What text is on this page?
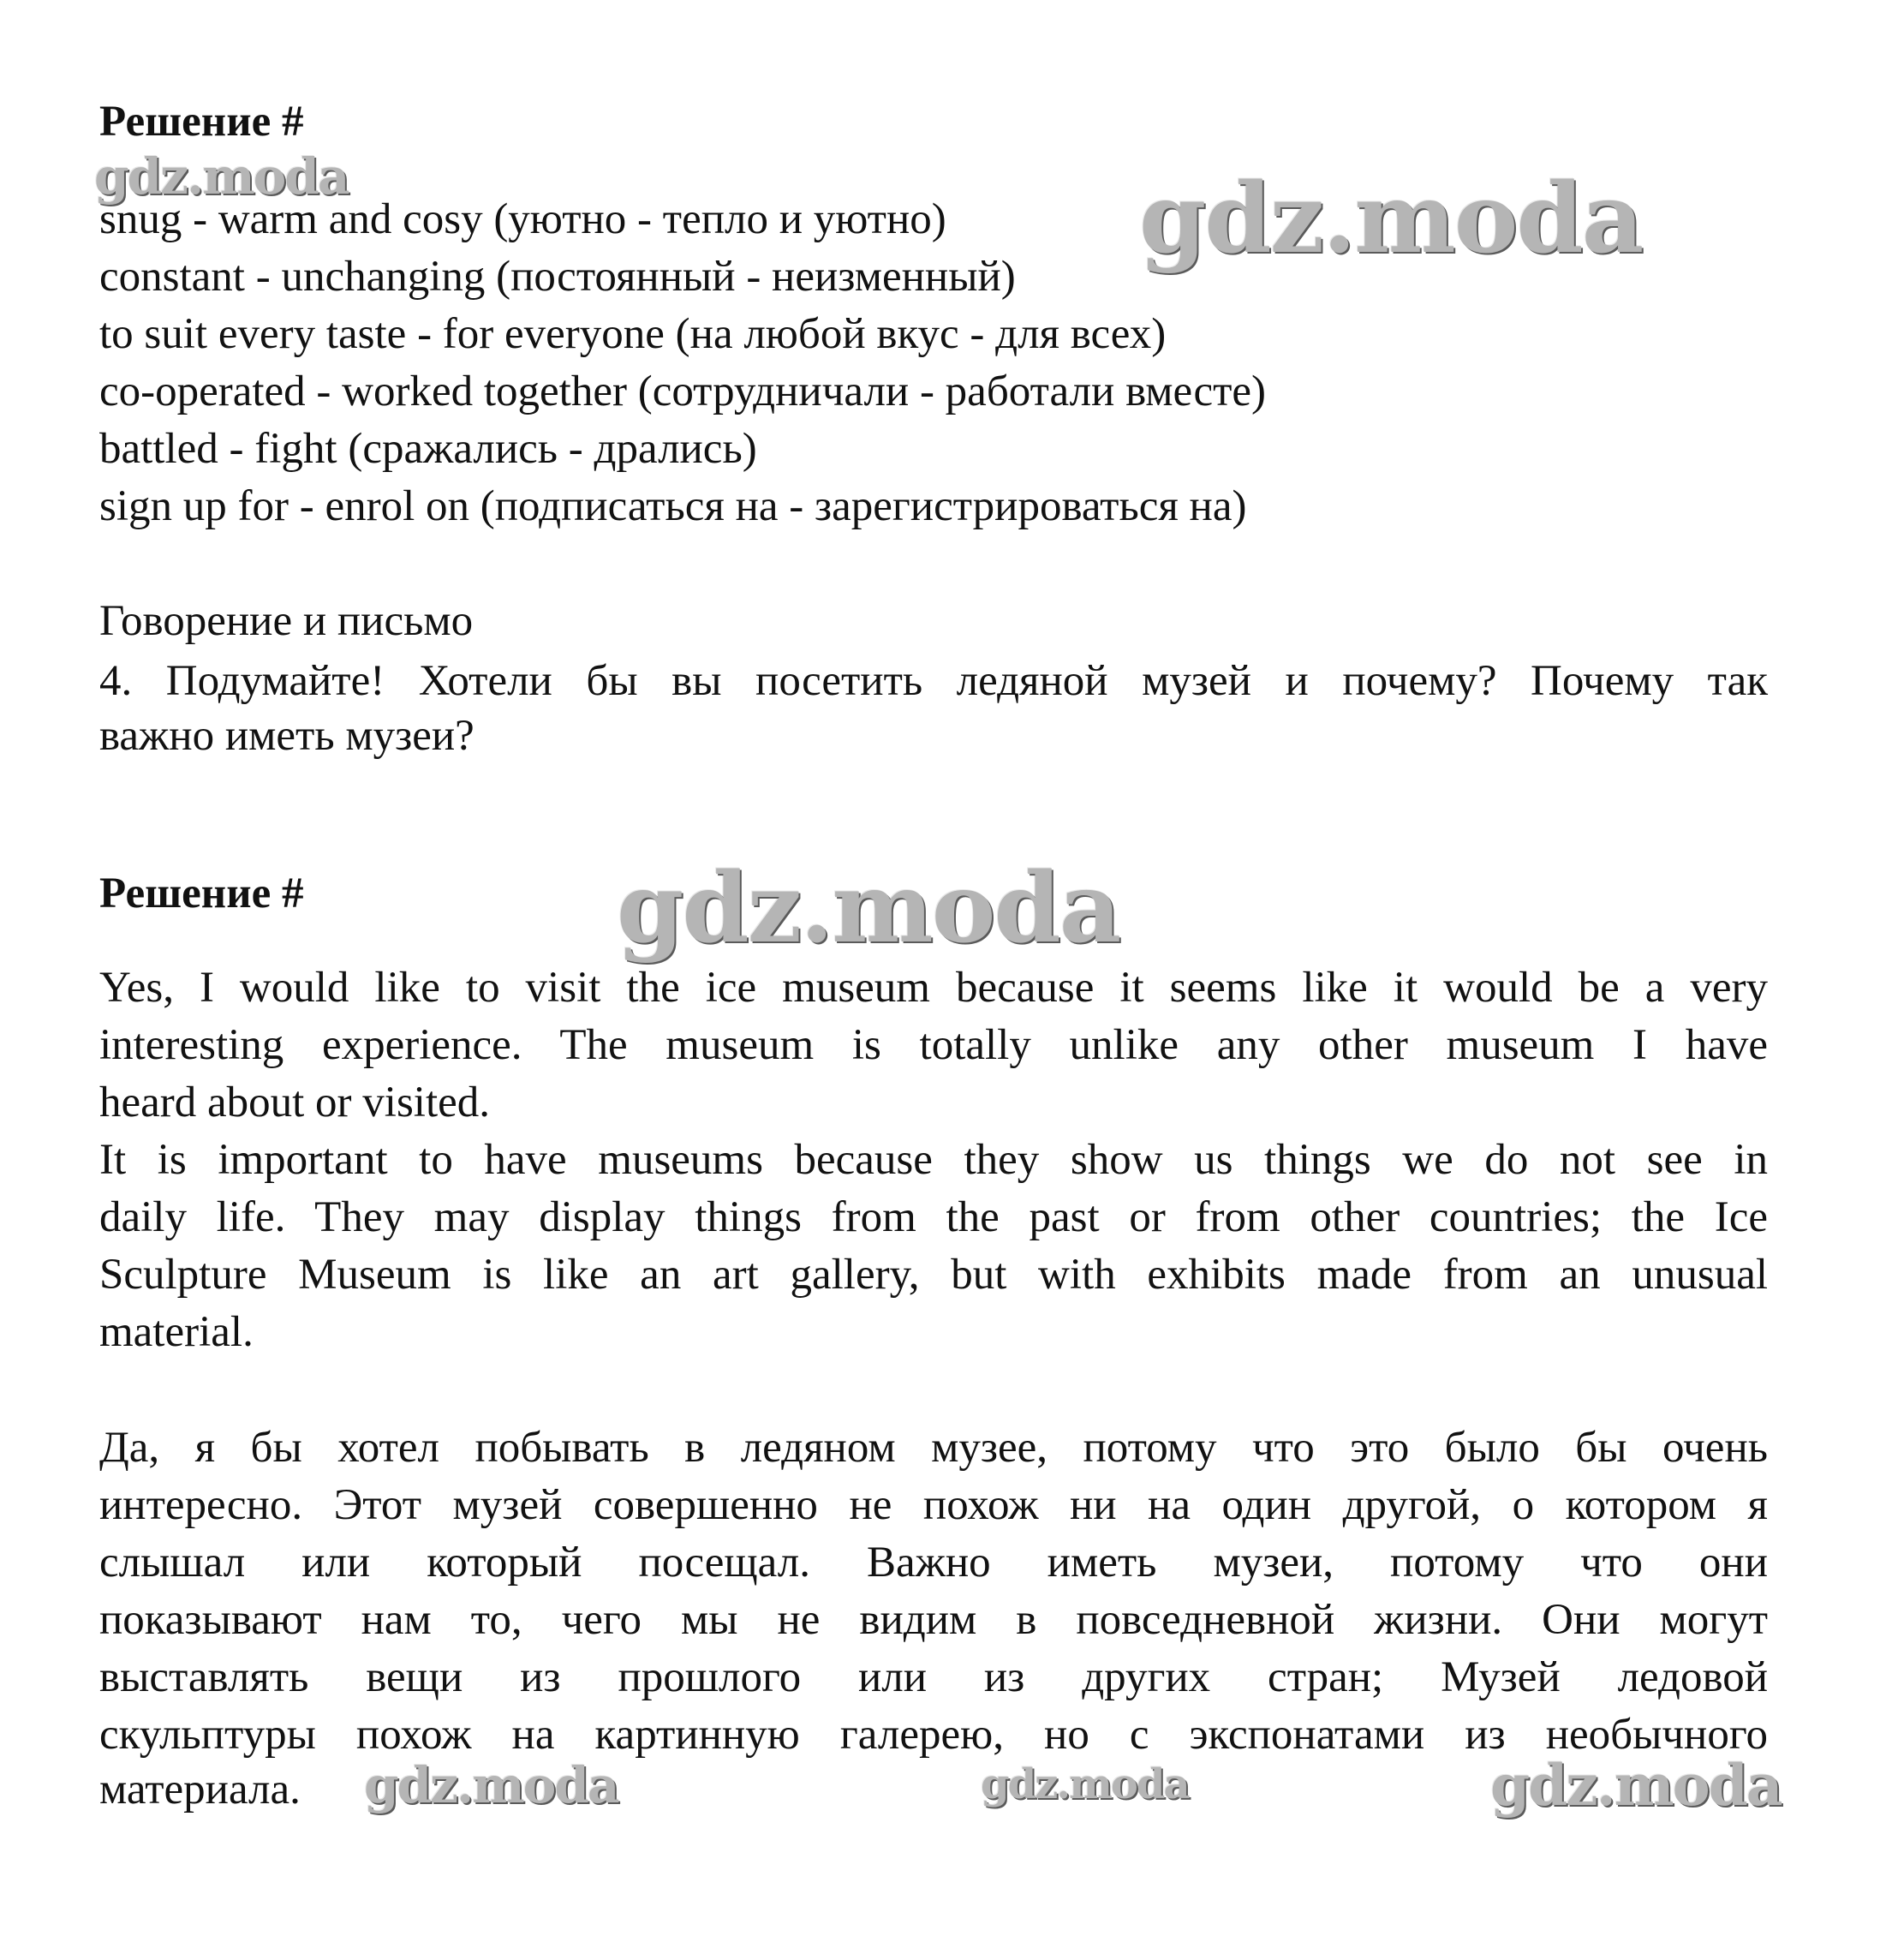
Решение #
snug - warm and cosy (уютно - тепло и уютно)
constant - unchanging (постоянный - неизменный)
to suit every taste - for everyone (на любой вкус - для всех)
co-operated - worked together (сотрудничали - работали вместе)
battled - fight (сражались - дрались)
sign up for - enrol on (подписаться на - зарегистрироваться на)
Говорение и письмо
4. Подумайте! Хотели бы вы посетить ледяной музей и почему? Почему так
важно иметь музеи?
Решение #
Yes, I would like to visit the ice museum because it seems like it would be a very
interesting experience. The museum is totally unlike any other museum I have
heard about or visited.
It is important to have museums because they show us things we do not see in
daily life. They may display things from the past or from other countries; the Ice
Sculpture Museum is like an art gallery, but with exhibits made from an unusual
material.
Да, я бы хотел побывать в ледяном музее, потому что это было бы очень
интересно. Этот музей совершенно не похож ни на один другой, о котором я
слышал или который посещал. Важно иметь музеи, потому что они
показывают нам то, чего мы не видим в повседневной жизни. Они могут
выставлять вещи из прошлого или из других стран; Музей ледовой
скульптуры похож на картинную галерею, но с экспонатами из необычного
материала.
gdz.moda	gdz.moda
gdz.moda
gdz.moda	gdz.moda	gdz.moda
